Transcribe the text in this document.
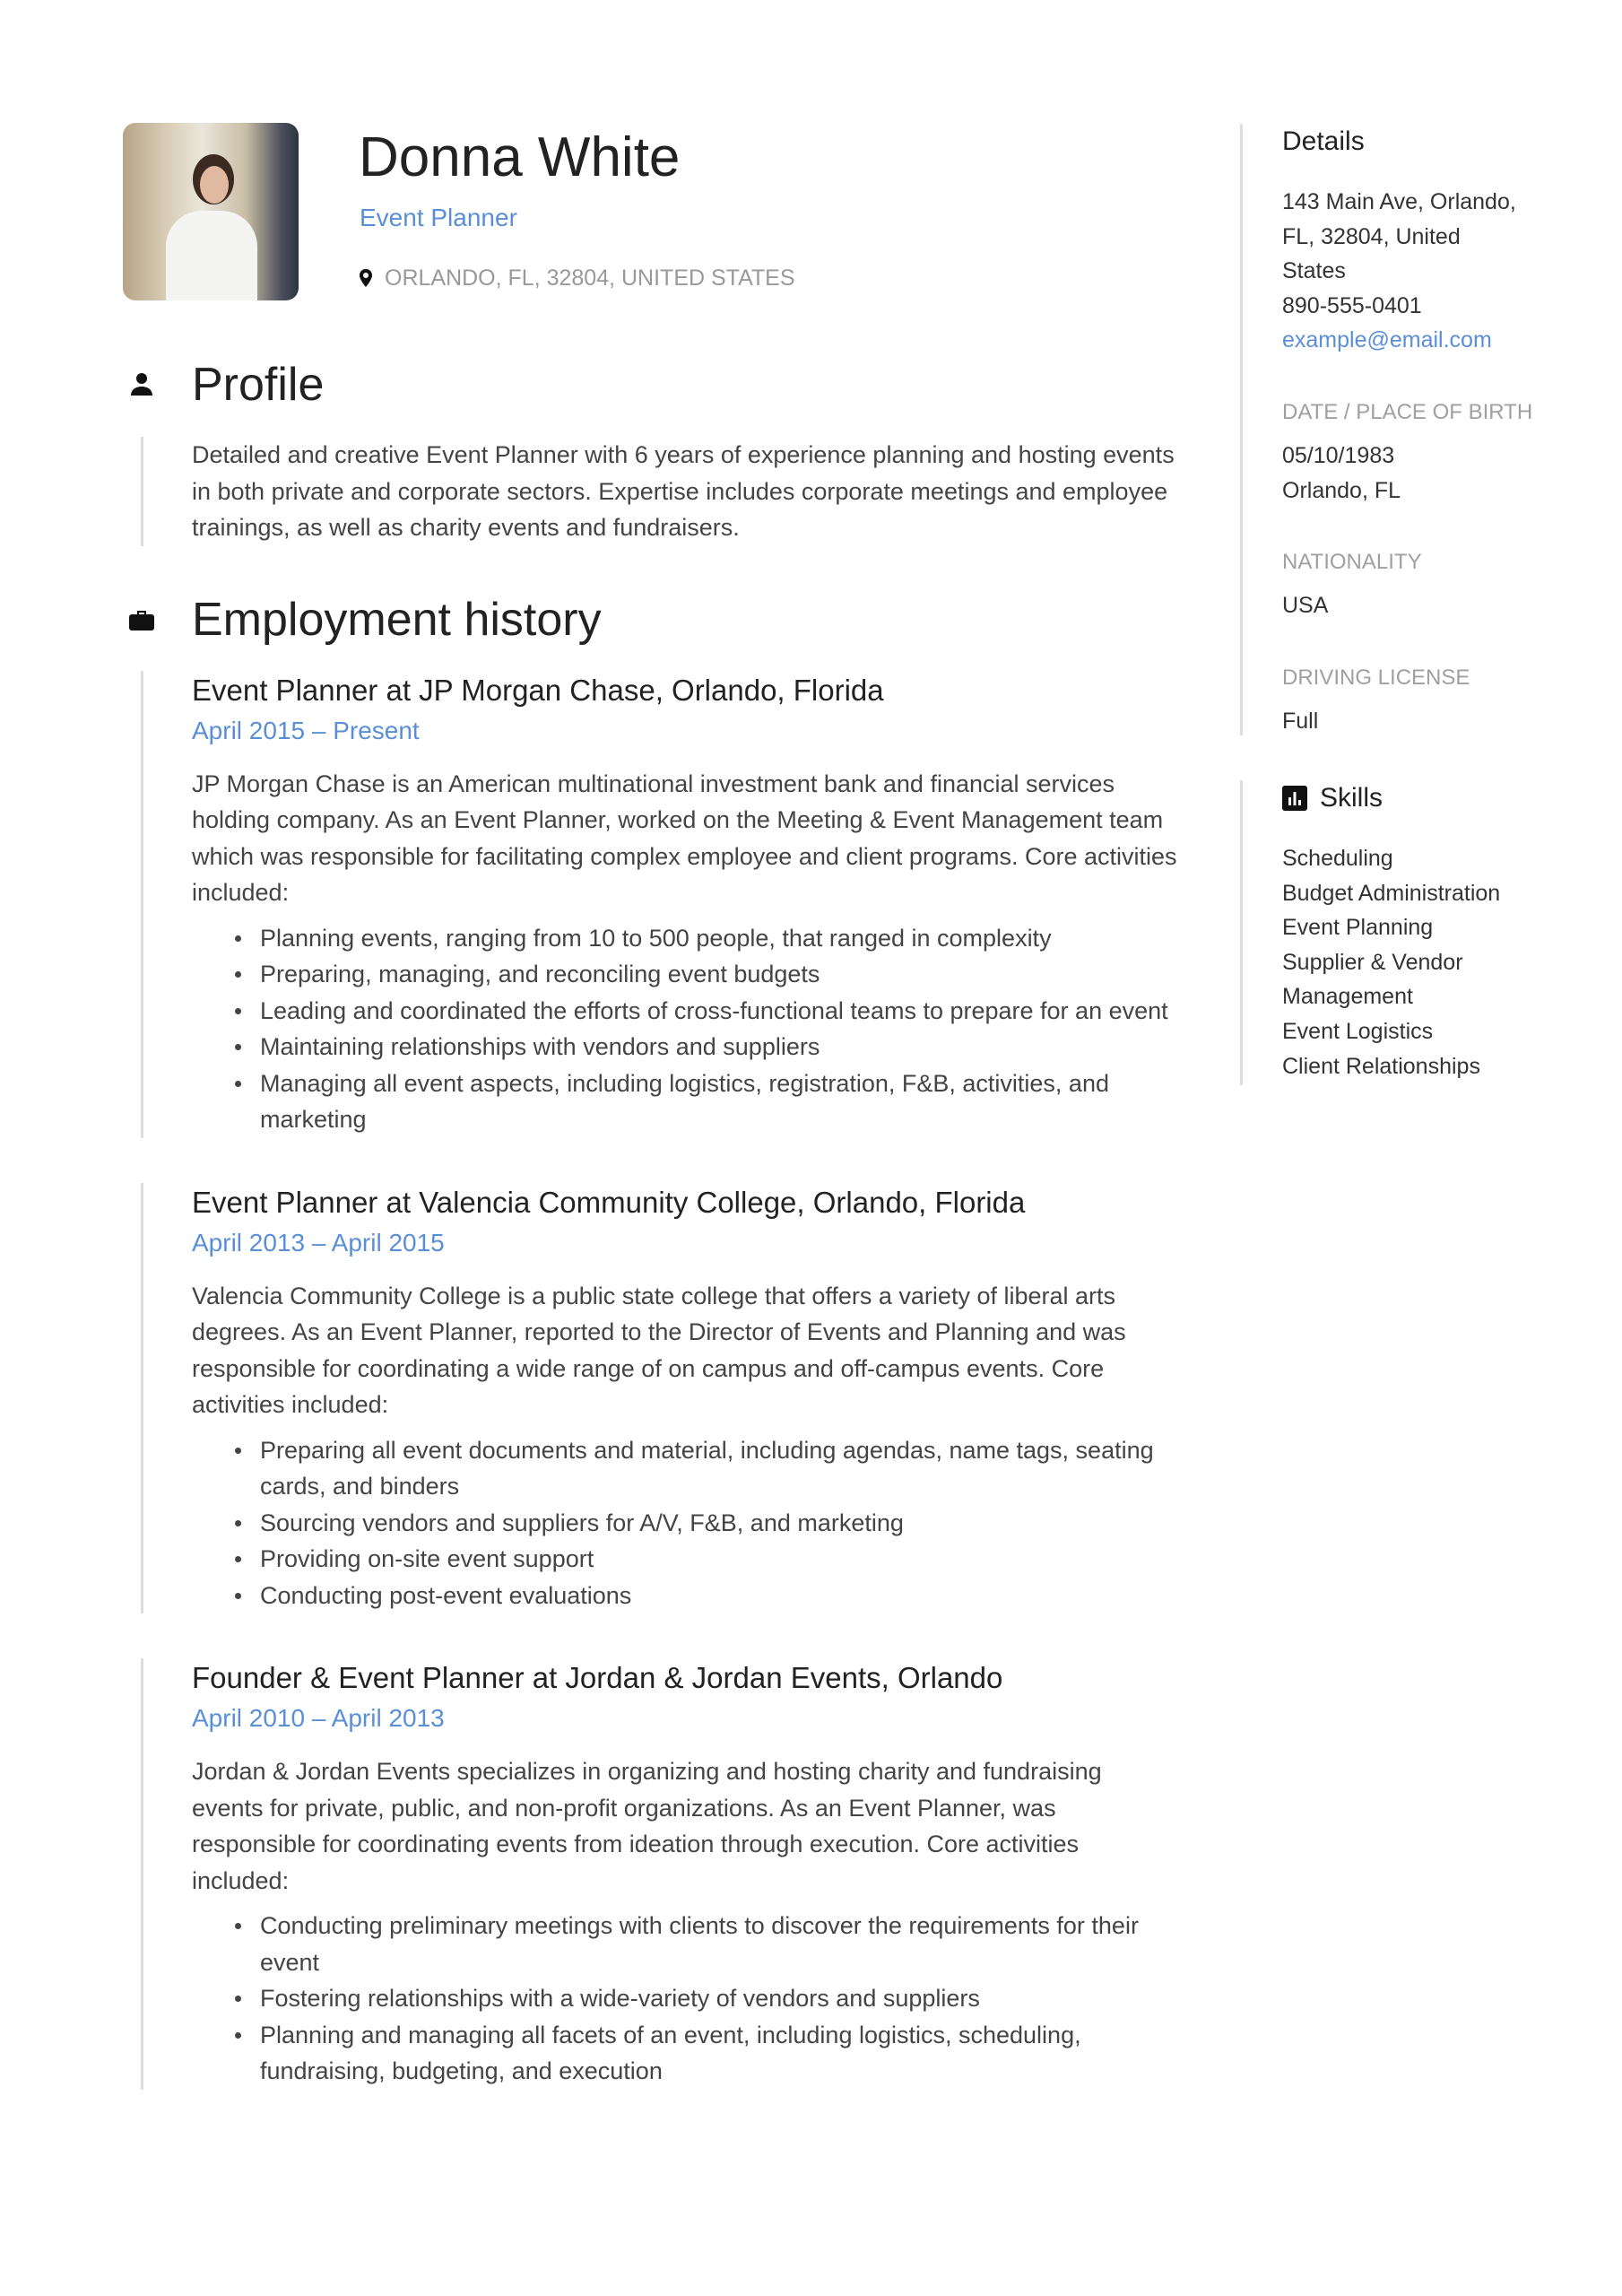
Donna White
Event Planner
ORLANDO, FL, 32804, UNITED STATES
Profile

Detailed and creative Event Planner with 6 years of experience planning and hosting events in both private and corporate sectors. Expertise includes corporate meetings and employee trainings, as well as charity events and fundraisers.

Employment history
Event Planner at JP Morgan Chase, Orlando, Florida
April 2015 – Present

JP Morgan Chase is an American multinational investment bank and financial services holding company. As an Event Planner, worked on the Meeting & Event Management team which was responsible for facilitating complex employee and client programs. Core activities included:

Planning events, ranging from 10 to 500 people, that ranged in complexity
Preparing, managing, and reconciling event budgets
Leading and coordinated the efforts of cross-functional teams to prepare for an event
Maintaining relationships with vendors and suppliers
Managing all event aspects, including logistics, registration, F&B, activities, and marketing
Event Planner at Valencia Community College, Orlando, Florida
April 2013 – April 2015

Valencia Community College is a public state college that offers a variety of liberal arts degrees. As an Event Planner, reported to the Director of Events and Planning and was responsible for coordinating a wide range of on campus and off-campus events. Core activities included:

Preparing all event documents and material, including agendas, name tags, seating cards, and binders
Sourcing vendors and suppliers for A/V, F&B, and marketing
Providing on-site event support
Conducting post-event evaluations
Founder & Event Planner at Jordan & Jordan Events, Orlando
April 2010 – April 2013

Jordan & Jordan Events specializes in organizing and hosting charity and fundraising events for private, public, and non-profit organizations. As an Event Planner, was responsible for coordinating events from ideation through execution. Core activities included:

Conducting preliminary meetings with clients to discover the requirements for their event
Fostering relationships with a wide-variety of vendors and suppliers
Planning and managing all facets of an event, including logistics, scheduling, fundraising, budgeting, and execution
Details
143 Main Ave, Orlando,
FL, 32804, United
States
890-555-0401
example@email.com
DATE / PLACE OF BIRTH
05/10/1983
Orlando, FL
NATIONALITY
USA
DRIVING LICENSE
Full
Skills
Scheduling
Budget Administration
Event Planning
Supplier & Vendor
Management
Event Logistics
Client Relationships
